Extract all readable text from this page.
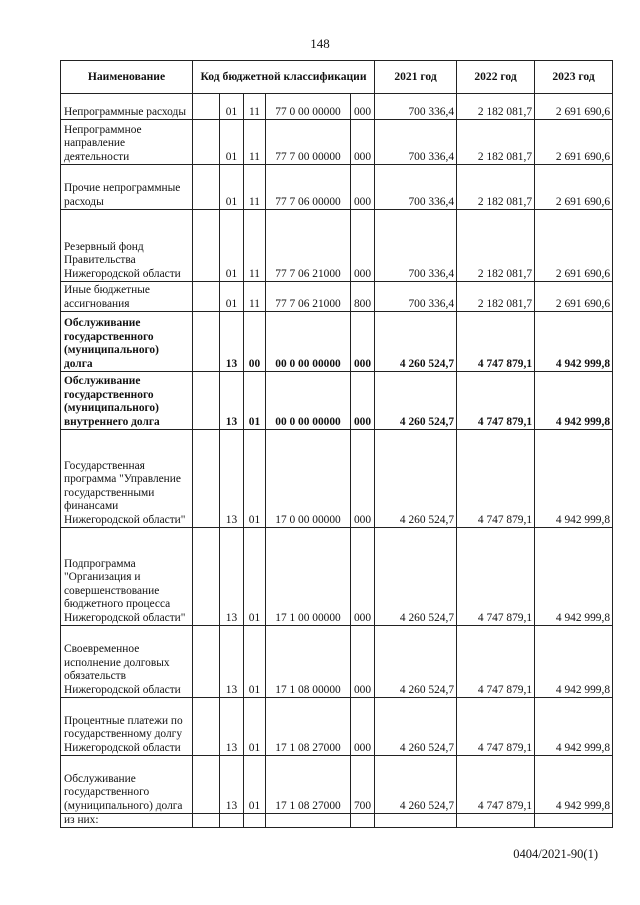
148
Наименование	Код бюджетной классификации					2021 год	2022 год	2023 год
Непрограммные расходы		01	11	77 0 00 00000	000	700 336,4	2 182 081,7	2 691 690,6
Непрограммное направление деятельности		01	11	77 7 00 00000	000	700 336,4	2 182 081,7	2 691 690,6
Прочие непрограммные расходы		01	11	77 7 06 00000	000	700 336,4	2 182 081,7	2 691 690,6
Резервный фонд Правительства Нижегородской области		01	11	77 7 06 21000	000	700 336,4	2 182 081,7	2 691 690,6
Иные бюджетные ассигнования		01	11	77 7 06 21000	800	700 336,4	2 182 081,7	2 691 690,6
Обслуживание государственного (муниципального) долга		13	00	00 0 00 00000	000	4 260 524,7	4 747 879,1	4 942 999,8
Обслуживание государственного (муниципального) внутреннего долга		13	01	00 0 00 00000	000	4 260 524,7	4 747 879,1	4 942 999,8
Государственная программа "Управление государственными финансами Нижегородской области"		13	01	17 0 00 00000	000	4 260 524,7	4 747 879,1	4 942 999,8
Подпрограмма "Организация и совершенствование бюджетного процесса Нижегородской области"		13	01	17 1 00 00000	000	4 260 524,7	4 747 879,1	4 942 999,8
Своевременное исполнение долговых обязательств Нижегородской области		13	01	17 1 08 00000	000	4 260 524,7	4 747 879,1	4 942 999,8
Процентные платежи по государственному долгу Нижегородской области		13	01	17 1 08 27000	000	4 260 524,7	4 747 879,1	4 942 999,8
Обслуживание государственного (муниципального) долга		13	01	17 1 08 27000	700	4 260 524,7	4 747 879,1	4 942 999,8
из них:								
0404/2021-90(1)
